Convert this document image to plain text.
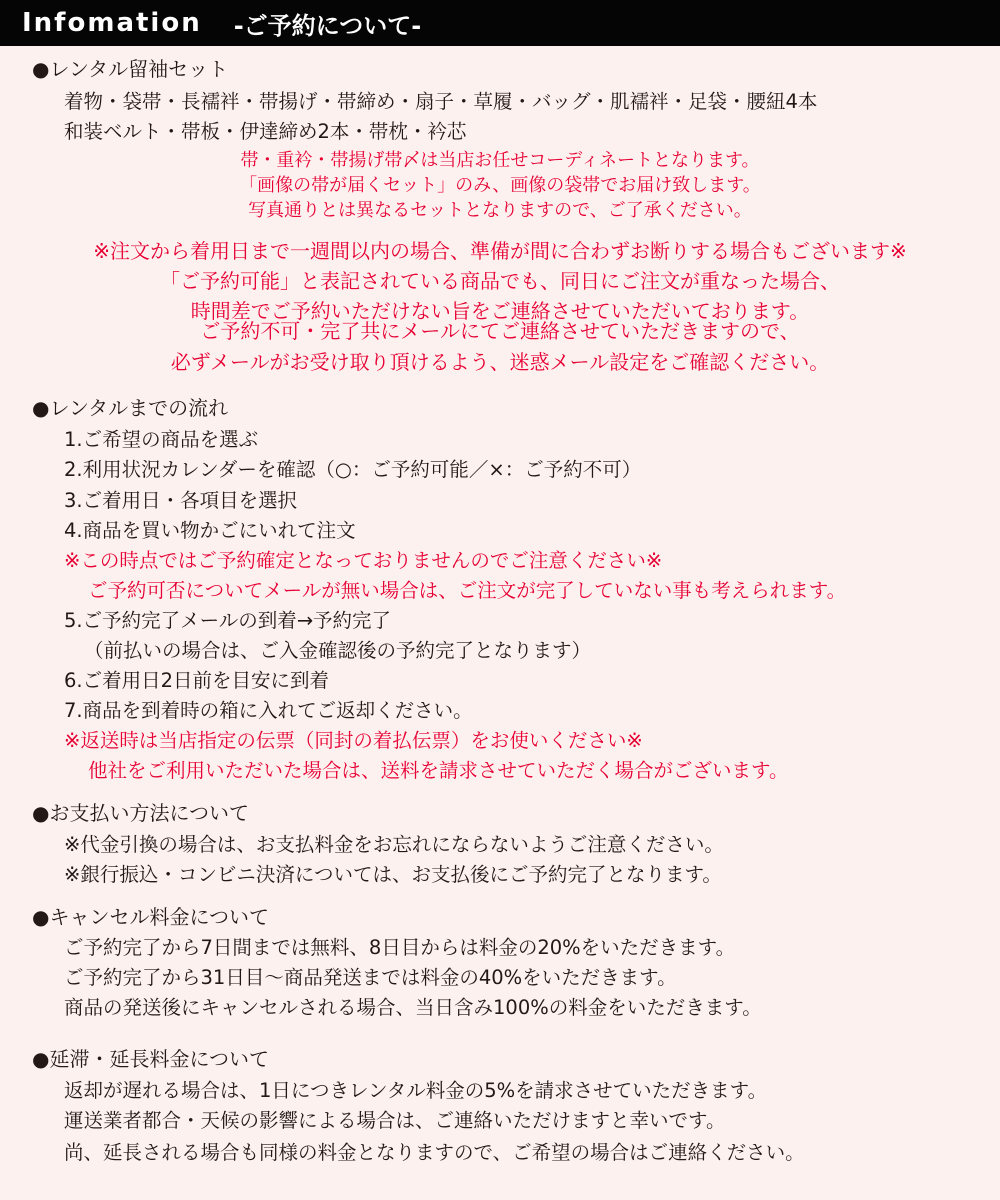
Infomation -ご予約について-
●レンタル留袖セット
着物・袋帯・長襦袢・帯揚げ・帯締め・扇子・草履・バッグ・肌襦袢・足袋・腰紐4本
和装ベルト・帯板・伊達締め2本・帯枕・衿芯
帯・重衿・帯揚げ帯〆は当店お任せコーディネートとなります。
「画像の帯が届くセット」のみ、画像の袋帯でお届け致します。
写真通りとは異なるセットとなりますので、ご了承ください。
※注文から着用日まで一週間以内の場合、準備が間に合わずお断りする場合もございます※
「ご予約可能」と表記されている商品でも、同日にご注文が重なった場合、
時間差でご予約いただけない旨をご連絡させていただいております。
ご予約不可・完了共にメールにてご連絡させていただきますので、
必ずメールがお受け取り頂けるよう、迷惑メール設定をご確認ください。
●レンタルまでの流れ
1.ご希望の商品を選ぶ
2.利用状況カレンダーを確認（○：ご予約可能／×：ご予約不可）
3.ご着用日・各項目を選択
4.商品を買い物かごにいれて注文
※この時点ではご予約確定となっておりませんのでご注意ください※
ご予約可否についてメールが無い場合は、ご注文が完了していない事も考えられます。
5.ご予約完了メールの到着→予約完了
（前払いの場合は、ご入金確認後の予約完了となります）
6.ご着用日2日前を目安に到着
7.商品を到着時の箱に入れてご返却ください。
※返送時は当店指定の伝票（同封の着払伝票）をお使いください※
他社をご利用いただいた場合は、送料を請求させていただく場合がございます。
●お支払い方法について
※代金引換の場合は、お支払料金をお忘れにならないようご注意ください。
※銀行振込・コンビニ決済については、お支払後にご予約完了となります。
●キャンセル料金について
ご予約完了から7日間までは無料、8日目からは料金の20%をいただきます。
ご予約完了から31日目～商品発送までは料金の40%をいただきます。
商品の発送後にキャンセルされる場合、当日含み100%の料金をいただきます。
●延滞・延長料金について
返却が遅れる場合は、1日につきレンタル料金の5%を請求させていただきます。
運送業者都合・天候の影響による場合は、ご連絡いただけますと幸いです。
尚、延長される場合も同様の料金となりますので、ご希望の場合はご連絡ください。
